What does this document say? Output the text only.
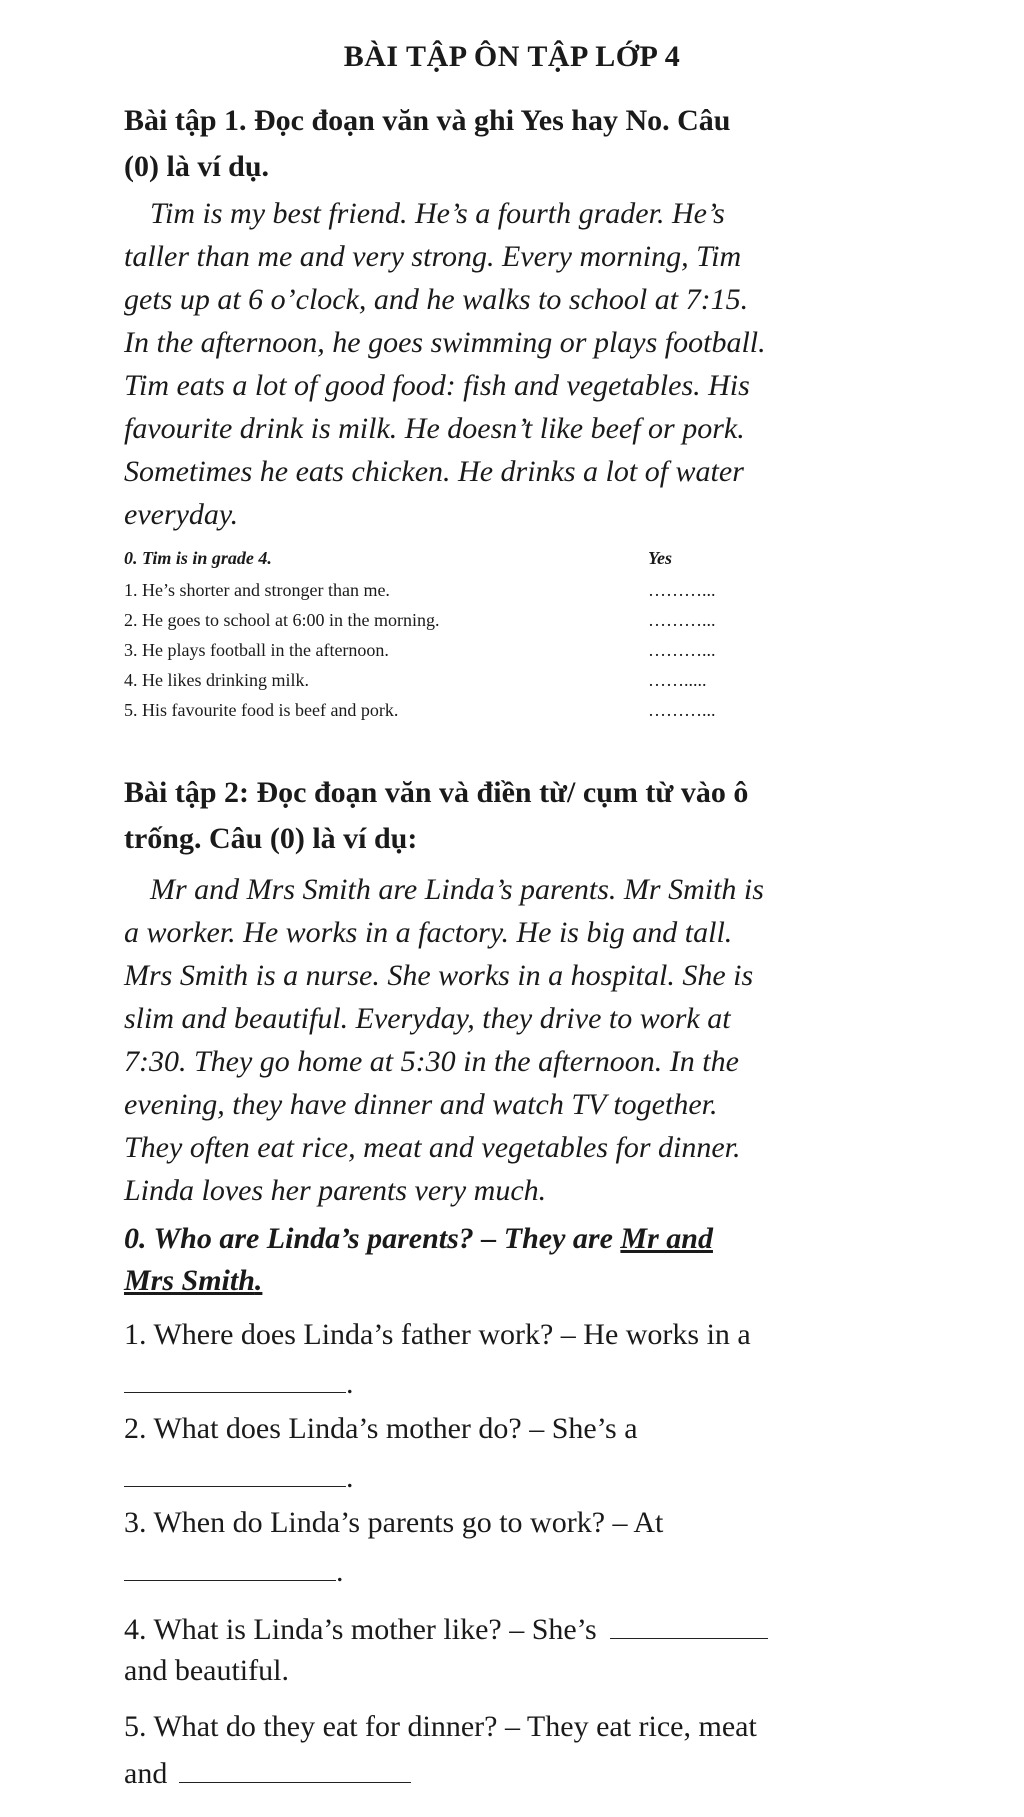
BÀI TẬP ÔN TẬP LỚP 4
Bài tập 1. Đọc đoạn văn và ghi Yes hay No. Câu
(0) là ví dụ.
Tim is my best friend. He’s a fourth grader. He’s
taller than me and very strong. Every morning, Tim
gets up at 6 o’clock, and he walks to school at 7:15.
In the afternoon, he goes swimming or plays football.
Tim eats a lot of good food: fish and vegetables. His
favourite drink is milk. He doesn’t like beef or pork.
Sometimes he eats chicken. He drinks a lot of water
everyday.
0. Tim is in grade 4.	Yes
1. He’s shorter and stronger than me.	………...
2. He goes to school at 6:00 in the morning.	………...
3. He plays football in the afternoon.	………...
4. He likes drinking milk.	…….....
5. His favourite food is beef and pork.	………...
Bài tập 2: Đọc đoạn văn và điền từ/ cụm từ vào ô
trống. Câu (0) là ví dụ:
Mr and Mrs Smith are Linda’s parents. Mr Smith is
a worker. He works in a factory. He is big and tall.
Mrs Smith is a nurse. She works in a hospital. She is
slim and beautiful. Everyday, they drive to work at
7:30. They go home at 5:30 in the afternoon. In the
evening, they have dinner and watch TV together.
They often eat rice, meat and vegetables for dinner.
Linda loves her parents very much.
0. Who are Linda’s parents? – They are Mr and
Mrs Smith.
1. Where does Linda’s father work? – He works in a
.
2. What does Linda’s mother do? – She’s a
.
3. When do Linda’s parents go to work? – At
.
4. What is Linda’s mother like? – She’s
and beautiful.
5. What do they eat for dinner? – They eat rice, meat
and
